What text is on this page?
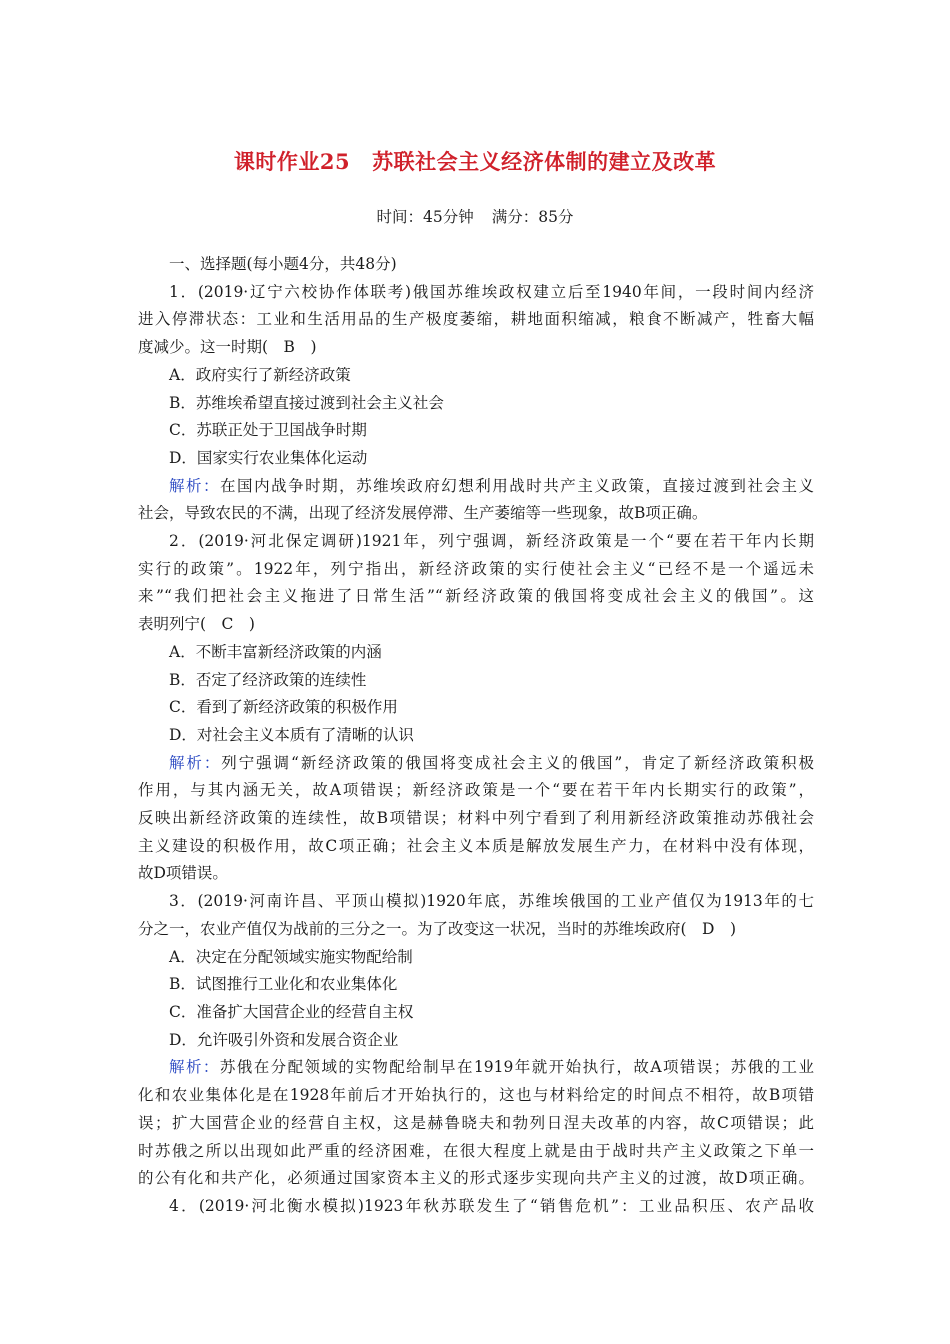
课时作业25 苏联社会主义经济体制的建立及改革
时间：45分钟 满分：85分
一、选择题(每小题4分，共48分)
1．(2019·辽宁六校协作体联考)俄国苏维埃政权建立后至1940年间，一段时间内经济
进入停滞状态：工业和生活用品的生产极度萎缩，耕地面积缩减，粮食不断减产，牲畜大幅
度减少。这一时期(　B　)
A．政府实行了新经济政策
B．苏维埃希望直接过渡到社会主义社会
C．苏联正处于卫国战争时期
D．国家实行农业集体化运动
解析：在国内战争时期，苏维埃政府幻想利用战时共产主义政策，直接过渡到社会主义
社会，导致农民的不满，出现了经济发展停滞、生产萎缩等一些现象，故B项正确。
2．(2019·河北保定调研)1921年，列宁强调，新经济政策是一个“要在若干年内长期
实行的政策”。1922年，列宁指出，新经济政策的实行使社会主义“已经不是一个遥远未
来”“我们把社会主义拖进了日常生活”“新经济政策的俄国将变成社会主义的俄国”。这
表明列宁(　C　)
A．不断丰富新经济政策的内涵
B．否定了经济政策的连续性
C．看到了新经济政策的积极作用
D．对社会主义本质有了清晰的认识
解析：列宁强调“新经济政策的俄国将变成社会主义的俄国”，肯定了新经济政策积极
作用，与其内涵无关，故A项错误；新经济政策是一个“要在若干年内长期实行的政策”，
反映出新经济政策的连续性，故B项错误；材料中列宁看到了利用新经济政策推动苏俄社会
主义建设的积极作用，故C项正确；社会主义本质是解放发展生产力，在材料中没有体现，
故D项错误。
3．(2019·河南许昌、平顶山模拟)1920年底，苏维埃俄国的工业产值仅为1913年的七
分之一，农业产值仅为战前的三分之一。为了改变这一状况，当时的苏维埃政府(　D　)
A．决定在分配领域实施实物配给制
B．试图推行工业化和农业集体化
C．准备扩大国营企业的经营自主权
D．允许吸引外资和发展合资企业
解析：苏俄在分配领域的实物配给制早在1919年就开始执行，故A项错误；苏俄的工业
化和农业集体化是在1928年前后才开始执行的，这也与材料给定的时间点不相符，故B项错
误；扩大国营企业的经营自主权，这是赫鲁晓夫和勃列日涅夫改革的内容，故C项错误；此
时苏俄之所以出现如此严重的经济困难，在很大程度上就是由于战时共产主义政策之下单一
的公有化和共产化，必须通过国家资本主义的形式逐步实现向共产主义的过渡，故D项正确。
4．(2019·河北衡水模拟)1923年秋苏联发生了“销售危机”：工业品积压、农产品收
